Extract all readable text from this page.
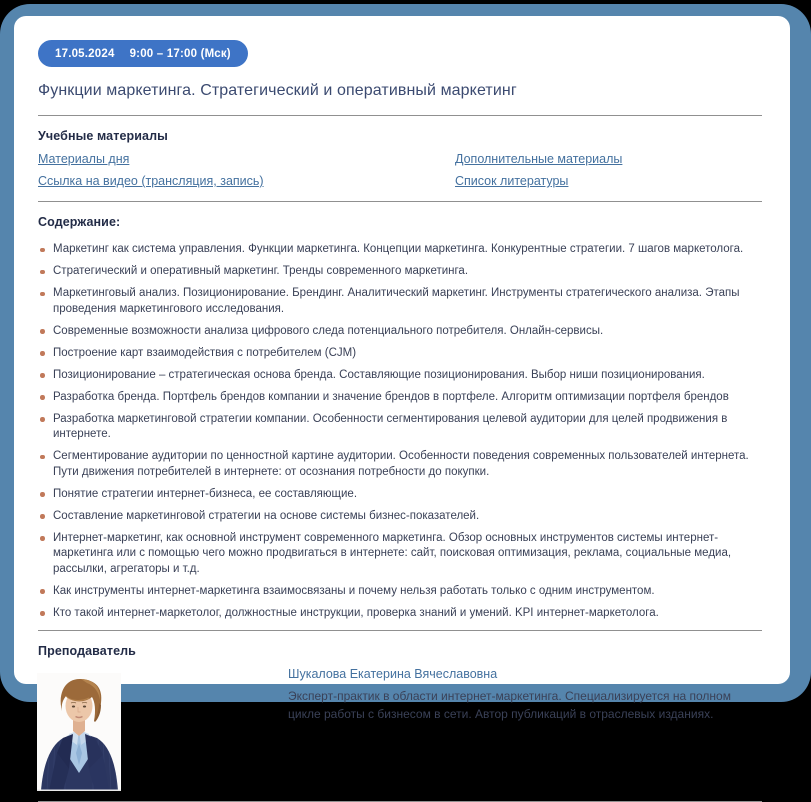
17.05.2024 9:00 – 17:00 (Мск)
Функции маркетинга. Стратегический и оперативный маркетинг
Учебные материалы
Материалы дня	Дополнительные материалы
Ссылка на видео (трансляция, запись)	Список литературы
Содержание:
Маркетинг как система управления. Функции маркетинга. Концепции маркетинга. Конкурентные стратегии. 7 шагов маркетолога.
Стратегический и оперативный маркетинг. Тренды современного маркетинга.
Маркетинговый анализ. Позиционирование. Брендинг. Аналитический маркетинг. Инструменты стратегического анализа. Этапы проведения маркетингового исследования.
Современные возможности анализа цифрового следа потенциального потребителя. Онлайн-сервисы.
Построение карт взаимодействия с потребителем (CJM)
Позиционирование – стратегическая основа бренда. Составляющие позиционирования. Выбор ниши позиционирования.
Разработка бренда. Портфель брендов компании и значение брендов в портфеле. Алгоритм оптимизации портфеля брендов
Разработка маркетинговой стратегии компании. Особенности сегментирования целевой аудитории для целей продвижения в интернете.
Сегментирование аудитории по ценностной картине аудитории. Особенности поведения современных пользователей интернета. Пути движения потребителей в интернете: от осознания потребности до покупки.
Понятие стратегии интернет-бизнеса, ее составляющие.
Составление маркетинговой стратегии на основе системы бизнес-показателей.
Интернет-маркетинг, как основной инструмент современного маркетинга. Обзор основных инструментов системы интернет-маркетинга или с помощью чего можно продвигаться в интернете: сайт, поисковая оптимизация, реклама, социальные медиа, рассылки, агрегаторы и т.д.
Как инструменты интернет-маркетинга взаимосвязаны и почему нельзя работать только с одним инструментом.
Кто такой интернет-маркетолог, должностные инструкции, проверка знаний и умений. KPI интернет-маркетолога.
Преподаватель
Шукалова Екатерина Вячеславовна

Эксперт-практик в области интернет-маркетинга. Специализируется на полном цикле работы с бизнесом в сети. Автор публикаций в отраслевых изданиях.
